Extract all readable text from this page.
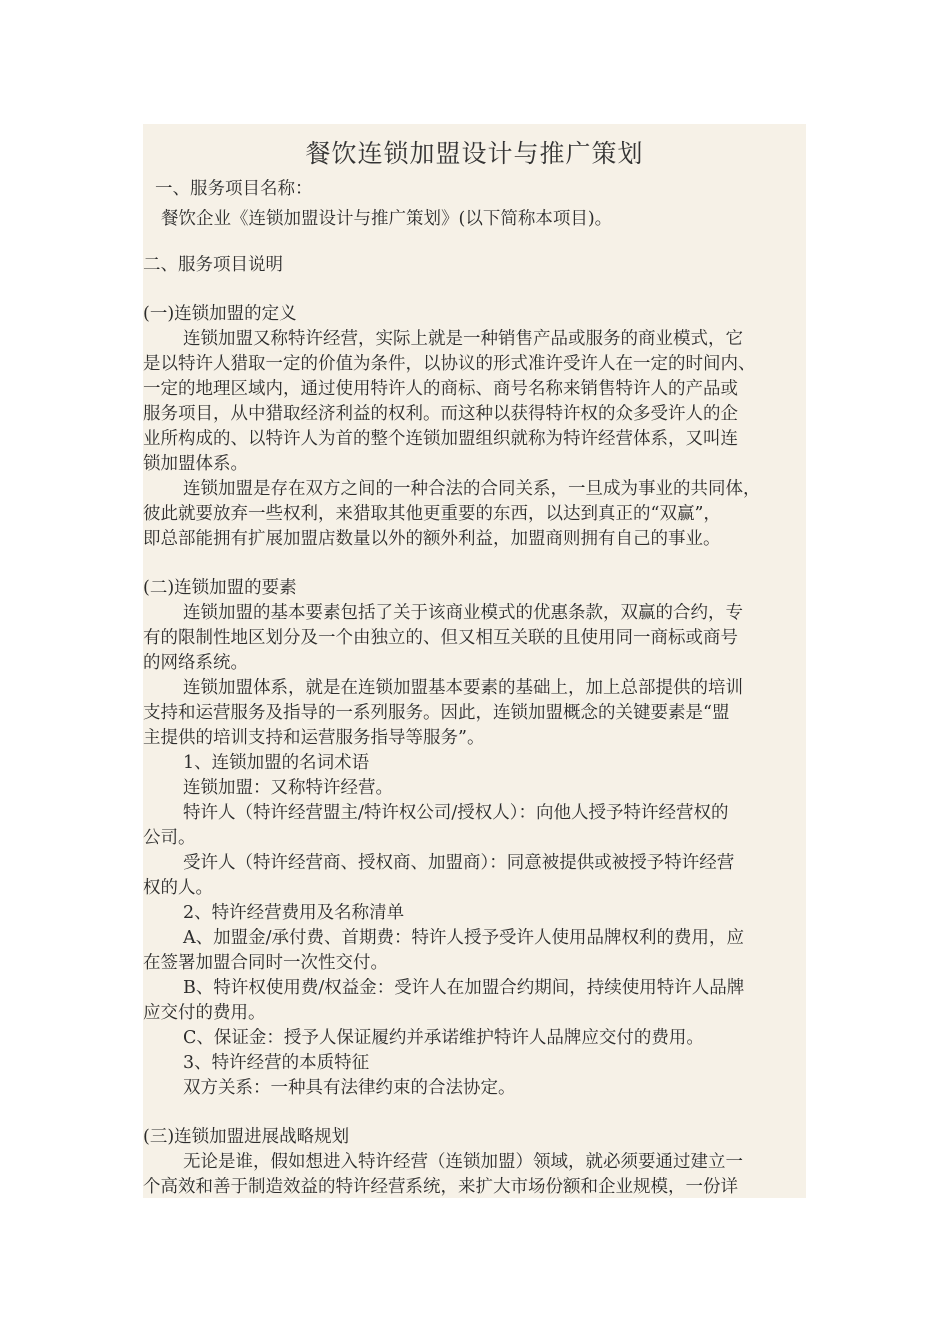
餐饮连锁加盟设计与推广策划
一、服务项目名称：
餐饮企业《连锁加盟设计与推广策划》(以下简称本项目)。
二、服务项目说明
(一)连锁加盟的定义
连锁加盟又称特许经营，实际上就是一种销售产品或服务的商业模式，它
是以特许人猎取一定的价值为条件，以协议的形式准许受许人在一定的时间内、
一定的地理区域内，通过使用特许人的商标、商号名称来销售特许人的产品或
服务项目，从中猎取经济利益的权利。而这种以获得特许权的众多受许人的企
业所构成的、以特许人为首的整个连锁加盟组织就称为特许经营体系，又叫连
锁加盟体系。
连锁加盟是存在双方之间的一种合法的合同关系，一旦成为事业的共同体，
彼此就要放弃一些权利，来猎取其他更重要的东西，以达到真正的“双赢”，
即总部能拥有扩展加盟店数量以外的额外利益，加盟商则拥有自己的事业。
(二)连锁加盟的要素
连锁加盟的基本要素包括了关于该商业模式的优惠条款，双赢的合约，专
有的限制性地区划分及一个由独立的、但又相互关联的且使用同一商标或商号
的网络系统。
连锁加盟体系，就是在连锁加盟基本要素的基础上，加上总部提供的培训
支持和运营服务及指导的一系列服务。因此，连锁加盟概念的关键要素是“盟
主提供的培训支持和运营服务指导等服务”。
1、连锁加盟的名词术语
连锁加盟：又称特许经营。
特许人（特许经营盟主/特许权公司/授权人）：向他人授予特许经营权的
公司。
受许人（特许经营商、授权商、加盟商）：同意被提供或被授予特许经营
权的人。
2、特许经营费用及名称清单
A、加盟金/承付费、首期费：特许人授予受许人使用品牌权利的费用，应
在签署加盟合同时一次性交付。
B、特许权使用费/权益金：受许人在加盟合约期间，持续使用特许人品牌
应交付的费用。
C、保证金：授予人保证履约并承诺维护特许人品牌应交付的费用。
3、特许经营的本质特征
双方关系：一种具有法律约束的合法协定。
(三)连锁加盟进展战略规划
无论是谁，假如想进入特许经营（连锁加盟）领域，就必须要通过建立一
个高效和善于制造效益的特许经营系统，来扩大市场份额和企业规模，一份详
